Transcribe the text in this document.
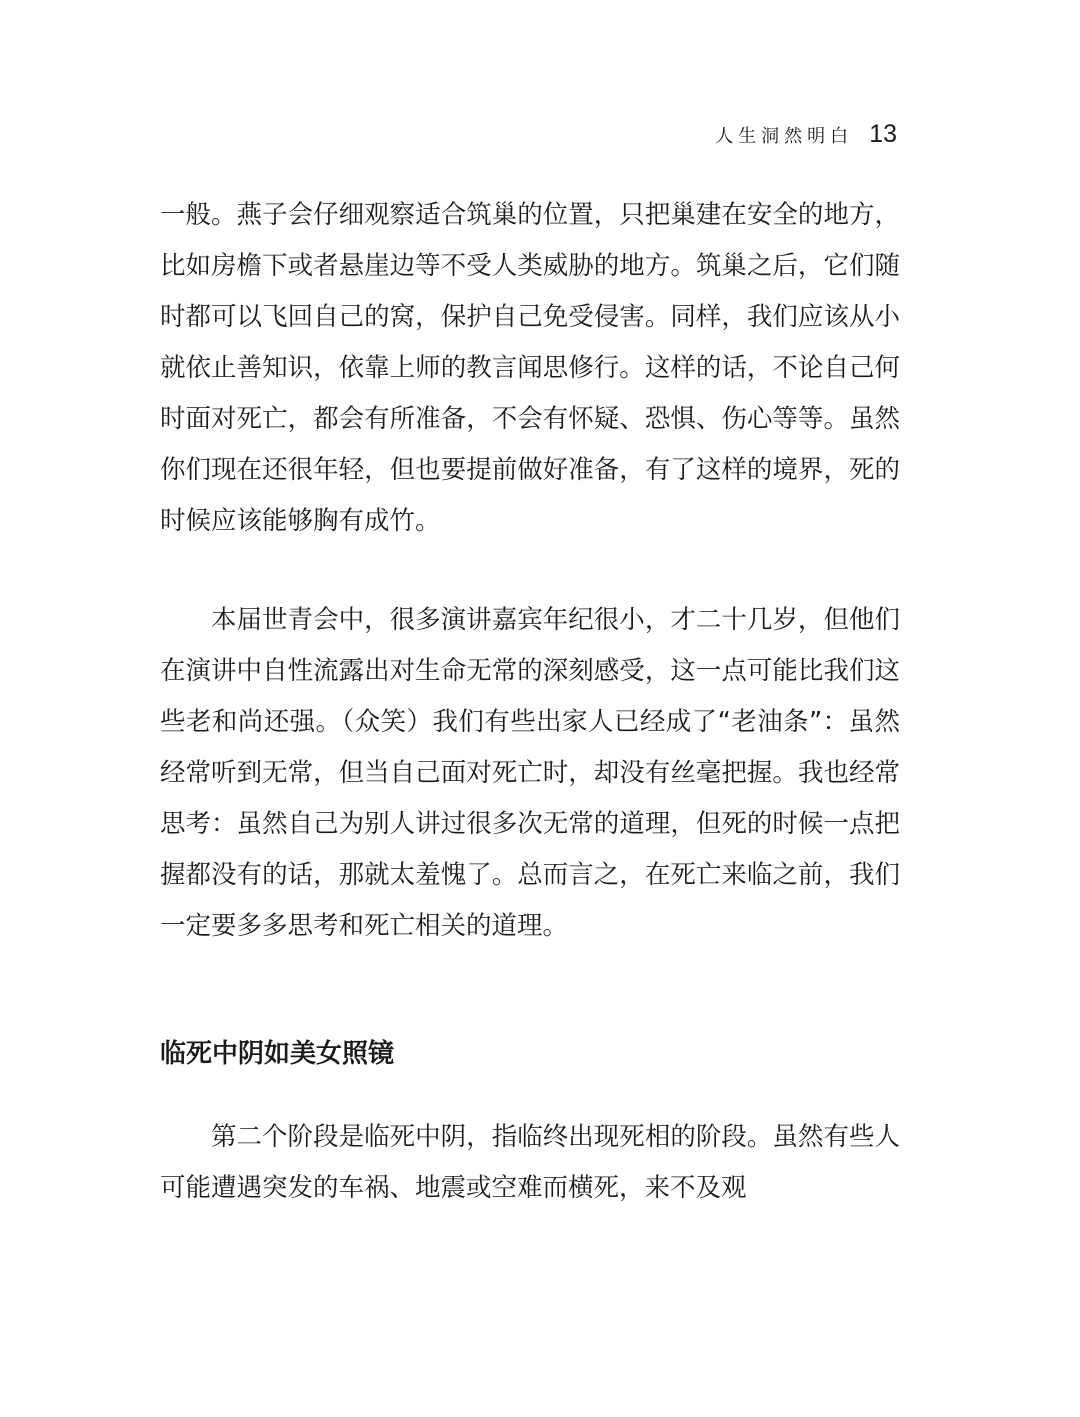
人生洞然明白 13

一般。燕子会仔细观察适合筑巢的位置，只把巢建在安全的地方，比如房檐下或者悬崖边等不受人类威胁的地方。筑巢之后，它们随时都可以飞回自己的窝，保护自己免受侵害。同样，我们应该从小就依止善知识，依靠上师的教言闻思修行。这样的话，不论自己何时面对死亡，都会有所准备，不会有怀疑、恐惧、伤心等等。虽然你们现在还很年轻，但也要提前做好准备，有了这样的境界，死的时候应该能够胸有成竹。

本届世青会中，很多演讲嘉宾年纪很小，才二十几岁，但他们在演讲中自性流露出对生命无常的深刻感受，这一点可能比我们这些老和尚还强。（众笑）我们有些出家人已经成了“老油条”：虽然经常听到无常，但当自己面对死亡时，却没有丝毫把握。我也经常思考：虽然自己为别人讲过很多次无常的道理，但死的时候一点把握都没有的话，那就太羞愧了。总而言之，在死亡来临之前，我们一定要多多思考和死亡相关的道理。

临死中阴如美女照镜

第二个阶段是临死中阴，指临终出现死相的阶段。虽然有些人可能遭遇突发的车祸、地震或空难而横死，来不及观
